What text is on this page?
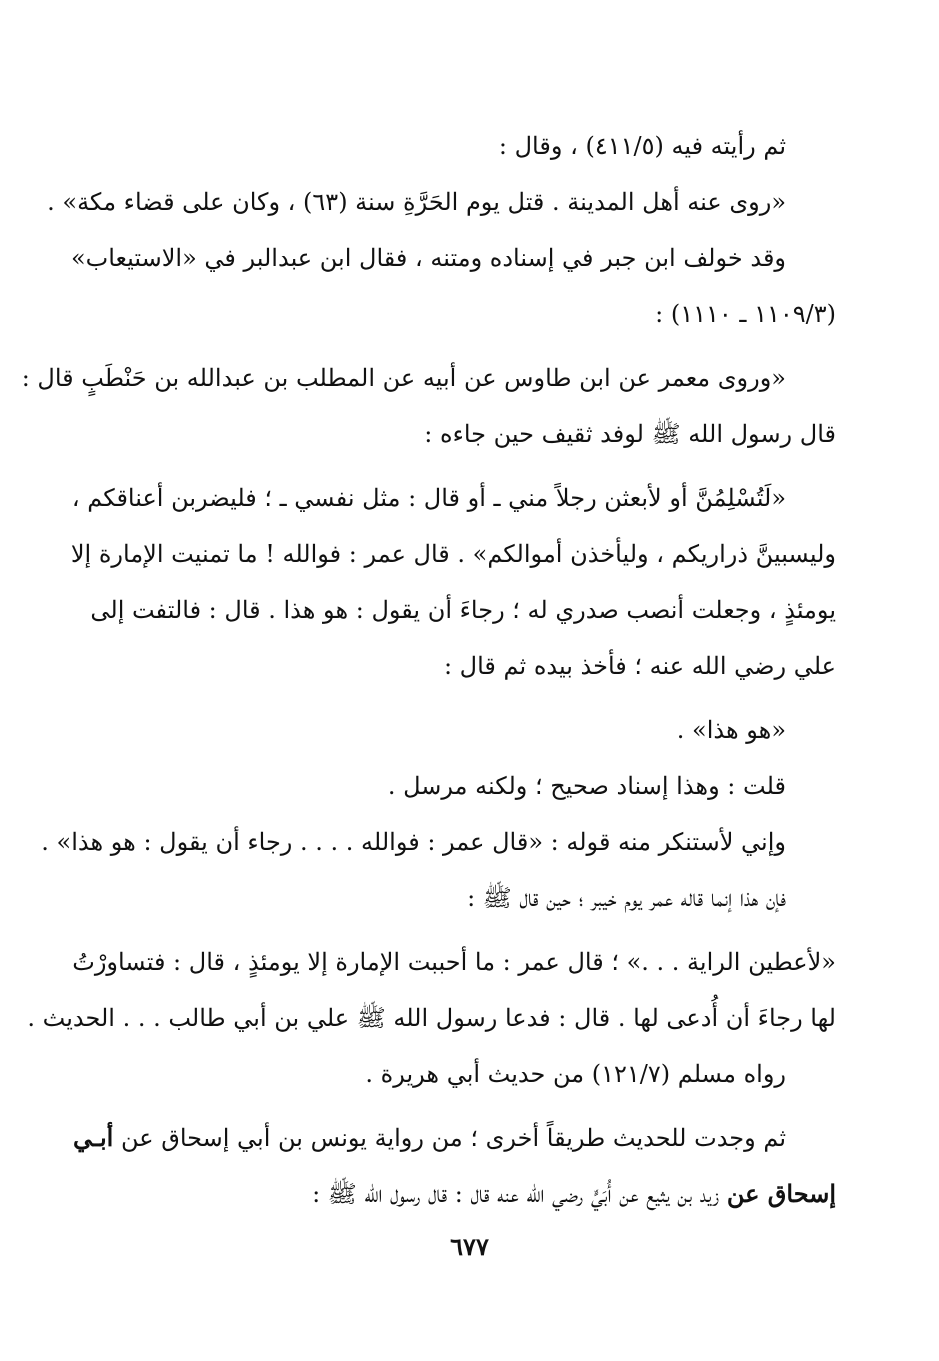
ثم رأيته فيه (٤١١/٥) ، وقال :

«روى عنه أهل المدينة . قتل يوم الحَرَّةِ سنة (٦٣) ، وكان على قضاء مكة» .

وقد خولف ابن جبر في إسناده ومتنه ، فقال ابن عبدالبر في «الاستيعاب»

(١١٠٩/٣ ـ ١١١٠) :

«وروى معمر عن ابن طاوس عن أبيه عن المطلب بن عبدالله بن حَنْطَبٍ قال :

قال رسول الله ﷺ لوفد ثقيف حين جاءه :

«لَتُسْلِمُنَّ أو لأبعثن رجلاً مني ـ أو قال : مثل نفسي ـ ؛ فليضربن أعناقكم ،

وليسبينَّ ذراريكم ، وليأخذن أموالكم» . قال عمر : فوالله ! ما تمنيت الإمارة إلا

يومئذٍ ، وجعلت أنصب صدري له ؛ رجاءَ أن يقول : هو هذا . قال : فالتفت إلى

علي رضي الله عنه ؛ فأخذ بيده ثم قال :

«هو هذا» .

قلت : وهذا إسناد صحيح ؛ ولكنه مرسل .

وإني لأستنكر منه قوله : «قال عمر : فوالله . . . . رجاء أن يقول : هو هذا» .

فإن هذا إنما قاله عمر يوم خيبر ؛ حين قال ﷺ :

«لأعطين الراية . . .» ؛ قال عمر : ما أحببت الإمارة إلا يومئذٍ ، قال : فتساورْتُ

لها رجاءَ أن أُدعى لها . قال : فدعا رسول الله ﷺ علي بن أبي طالب . . . الحديث .

رواه مسلم (١٢١/٧) من حديث أبي هريرة .

ثم وجدت للحديث طريقاً أخرى ؛ من رواية يونس بن أبي إسحاق عن أبـي

إسحاق عن زيد بن يثيع عن أُبَيٍّ رضي الله عنه قال : قال رسول الله ﷺ :

٦٧٧
